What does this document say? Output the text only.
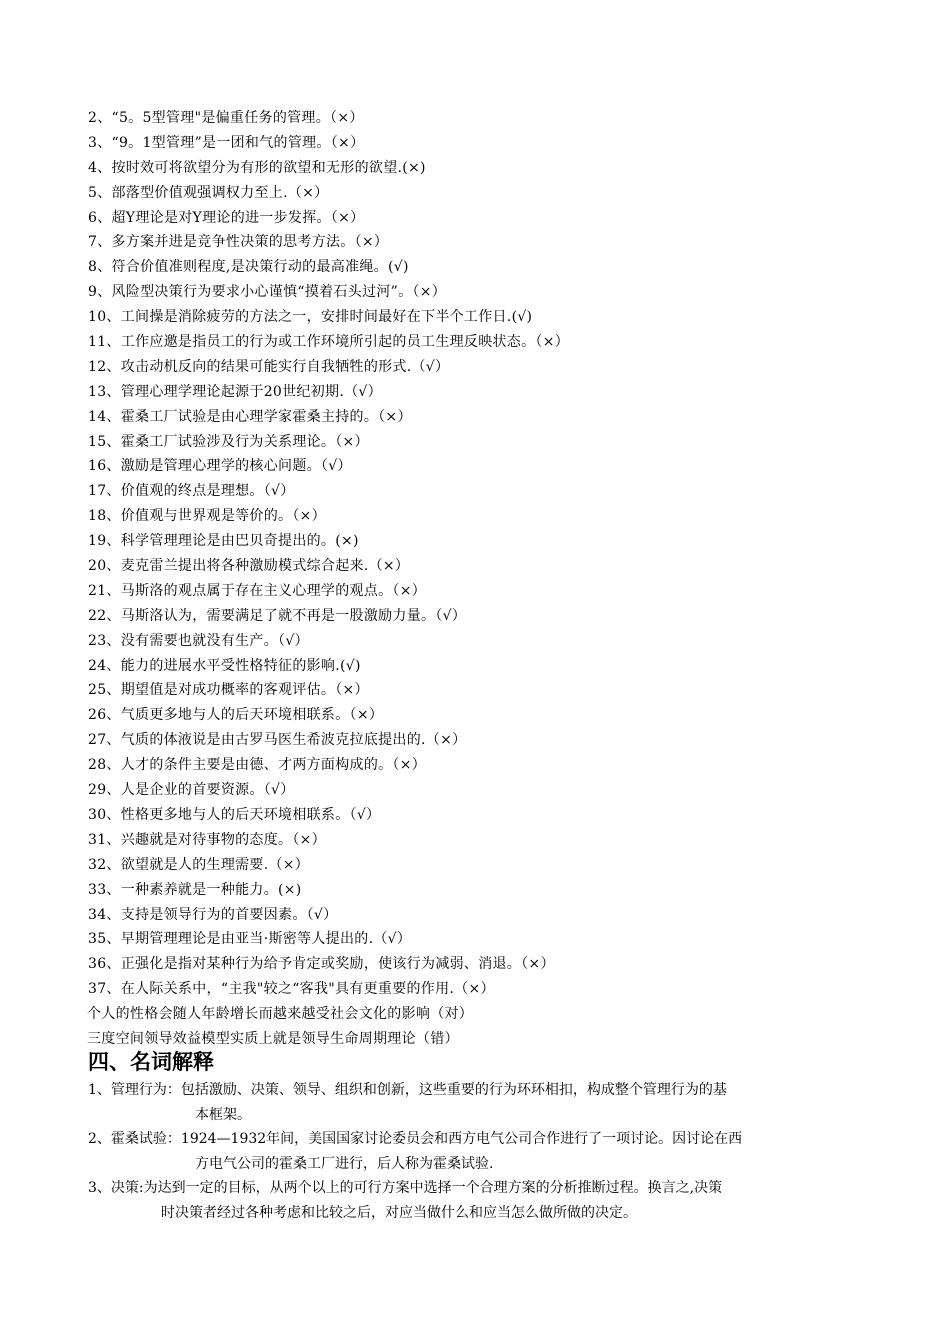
2、“5。5型管理"是偏重任务的管理。（×）
3、“9。1型管理”是一团和气的管理。（×）
4、按时效可将欲望分为有形的欲望和无形的欲望.(×)
5、部落型价值观强调权力至上.（×）
6、超Y理论是对Y理论的进一步发挥。（×）
7、多方案并进是竞争性决策的思考方法。（×）
8、符合价值准则程度,是决策行动的最高准绳。(√)
9、风险型决策行为要求小心谨慎“摸着石头过河”。（×）
10、工间操是消除疲劳的方法之一，安排时间最好在下半个工作日.(√)
11、工作应邀是指员工的行为或工作环境所引起的员工生理反映状态。（×）
12、攻击动机反向的结果可能实行自我牺牲的形式.（√）
13、管理心理学理论起源于20世纪初期.（√）
14、霍桑工厂试验是由心理学家霍桑主持的。（×）
15、霍桑工厂试验涉及行为关系理论。（×）
16、激励是管理心理学的核心问题。（√）
17、价值观的终点是理想。（√）
18、价值观与世界观是等价的。（×）
19、科学管理理论是由巴贝奇提出的。(×)
20、麦克雷兰提出将各种激励模式综合起来.（×）
21、马斯洛的观点属于存在主义心理学的观点。（×）
22、马斯洛认为，需要满足了就不再是一股激励力量。（√）
23、没有需要也就没有生产。（√）
24、能力的进展水平受性格特征的影响.(√)
25、期望值是对成功概率的客观评估。（×）
26、气质更多地与人的后天环境相联系。（×）
27、气质的体液说是由古罗马医生希波克拉底提出的.（×）
28、人才的条件主要是由德、才两方面构成的。（×）
29、人是企业的首要资源。（√）
30、性格更多地与人的后天环境相联系。（√）
31、兴趣就是对待事物的态度。（×）
32、欲望就是人的生理需要.（×）
33、一种素养就是一种能力。(×)
34、支持是领导行为的首要因素。（√）
35、早期管理理论是由亚当·斯密等人提出的.（√）
36、正强化是指对某种行为给予肯定或奖励，使该行为减弱、消退。（×）
37、在人际关系中，“主我"较之“客我"具有更重要的作用.（×）
个人的性格会随人年龄增长而越来越受社会文化的影响（对）
三度空间领导效益模型实质上就是领导生命周期理论（错）
四、名词解释
1、管理行为： 包括激励、决策、领导、组织和创新，这些重要的行为环环相扣，构成整个管理行为的基
本框架。
2、霍桑试验： 1924—1932年间，美国国家讨论委员会和西方电气公司合作进行了一项讨论。因讨论在西
方电气公司的霍桑工厂进行，后人称为霍桑试验.
3、决策: 为达到一定的目标，从两个以上的可行方案中选择一个合理方案的分析推断过程。换言之,决策
时决策者经过各种考虑和比较之后，对应当做什么和应当怎么做所做的决定。
